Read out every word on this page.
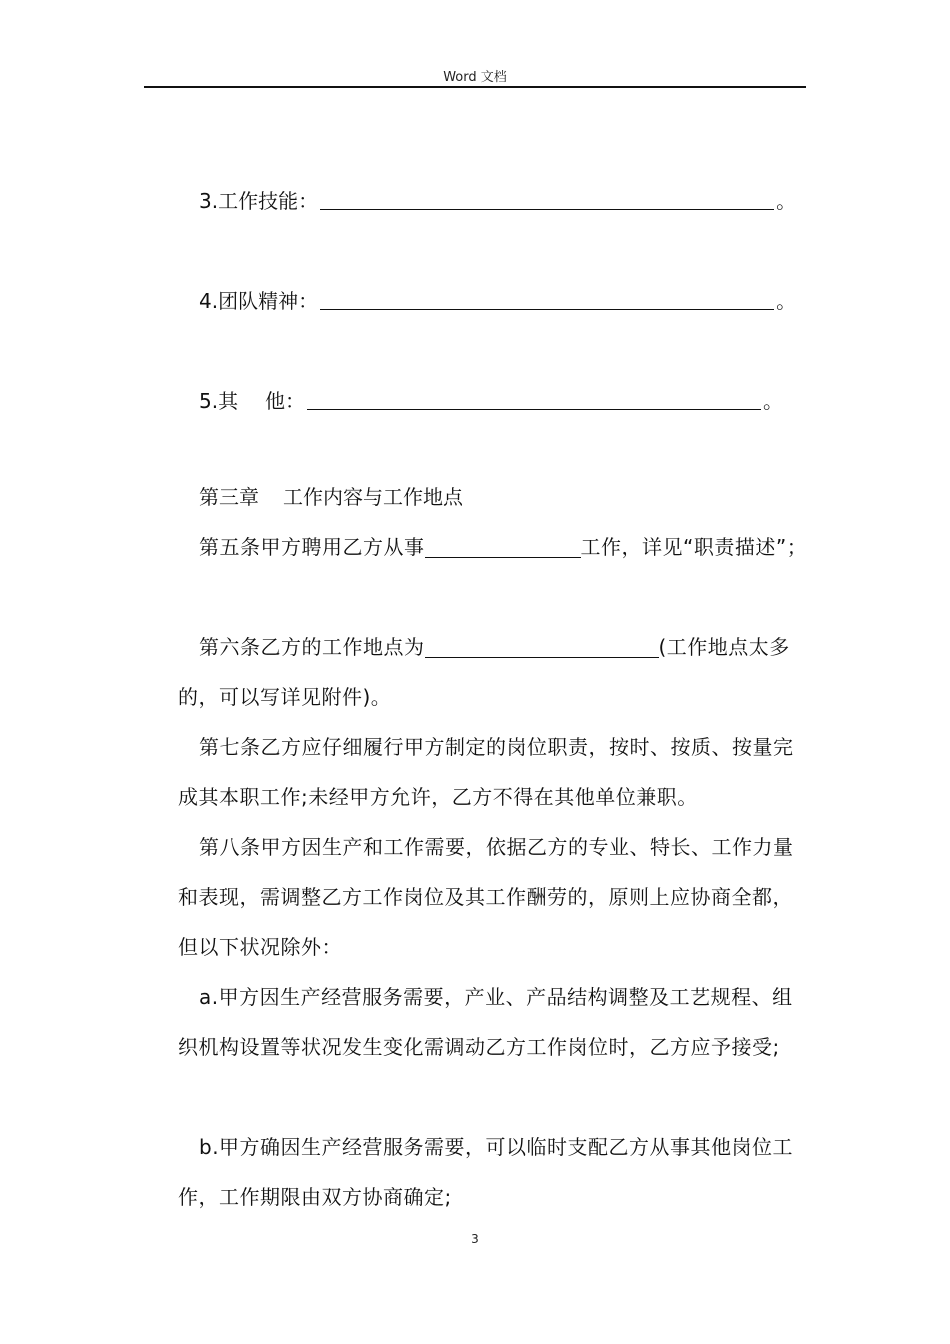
Word 文档
3.工作技能：	。
4.团队精神：	。
5.其 他：	。
第三章 工作内容与工作地点
第五条甲方聘用乙方从事	工作，详见“职责描述”；
第六条乙方的工作地点为	(工作地点太多的，可以写详见附件)。
第七条乙方应仔细履行甲方制定的岗位职责，按时、按质、按量完成其本职工作;未经甲方允许，乙方不得在其他单位兼职。
第八条甲方因生产和工作需要，依据乙方的专业、特长、工作力量和表现，需调整乙方工作岗位及其工作酬劳的，原则上应协商全都，但以下状况除外：
a.甲方因生产经营服务需要，产业、产品结构调整及工艺规程、组织机构设置等状况发生变化需调动乙方工作岗位时，乙方应予接受;
b.甲方确因生产经营服务需要，可以临时支配乙方从事其他岗位工作，工作期限由双方协商确定;
3
